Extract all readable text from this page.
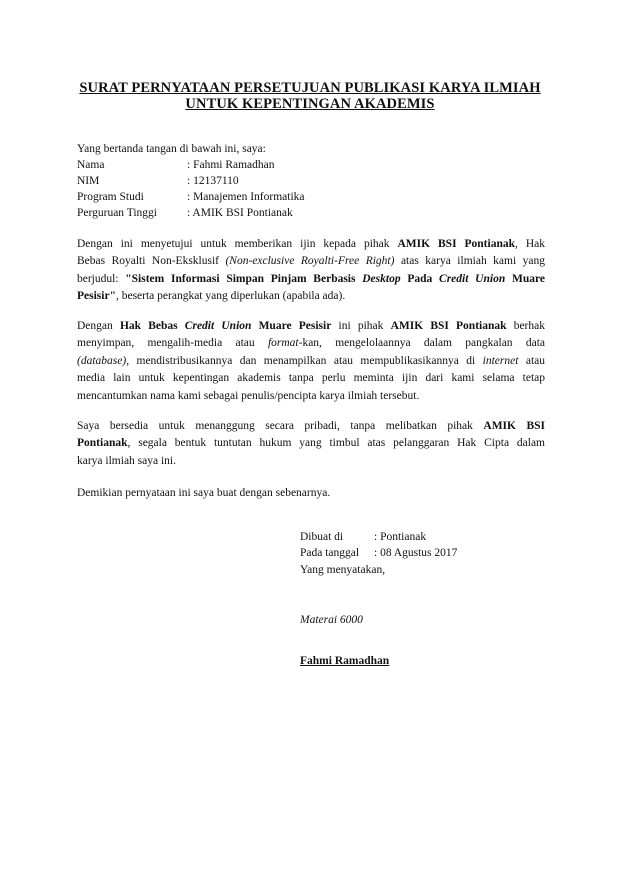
SURAT PERNYATAAN PERSETUJUAN PUBLIKASI KARYA ILMIAH
UNTUK KEPENTINGAN AKADEMIS
Yang bertanda tangan di bawah ini, saya:
Nama	: Fahmi Ramadhan
NIM	: 12137110
Program Studi	: Manajemen Informatika
Perguruan Tinggi	: AMIK BSI Pontianak
Dengan ini menyetujui untuk memberikan ijin kepada pihak AMIK BSI Pontianak, Hak
Bebas Royalti Non-Eksklusif (Non-exclusive Royalti-Free Right) atas karya ilmiah kami yang
berjudul: "Sistem Informasi Simpan Pinjam Berbasis Desktop Pada Credit Union Muare
Pesisir", beserta perangkat yang diperlukan (apabila ada).
Dengan Hak Bebas Credit Union Muare Pesisir ini pihak AMIK BSI Pontianak berhak
menyimpan, mengalih-media atau format-kan, mengelolaannya dalam pangkalan data
(database), mendistribusikannya dan menampilkan atau mempublikasikannya di internet atau
media lain untuk kepentingan akademis tanpa perlu meminta ijin dari kami selama tetap
mencantumkan nama kami sebagai penulis/pencipta karya ilmiah tersebut.
Saya bersedia untuk menanggung secara pribadi, tanpa melibatkan pihak AMIK BSI
Pontianak, segala bentuk tuntutan hukum yang timbul atas pelanggaran Hak Cipta dalam
karya ilmiah saya ini.
Demikian pernyataan ini saya buat dengan sebenarnya.
Dibuat di	: Pontianak
Pada tanggal : 08 Agustus 2017
Yang menyatakan,
Materai 6000
Fahmi Ramadhan
